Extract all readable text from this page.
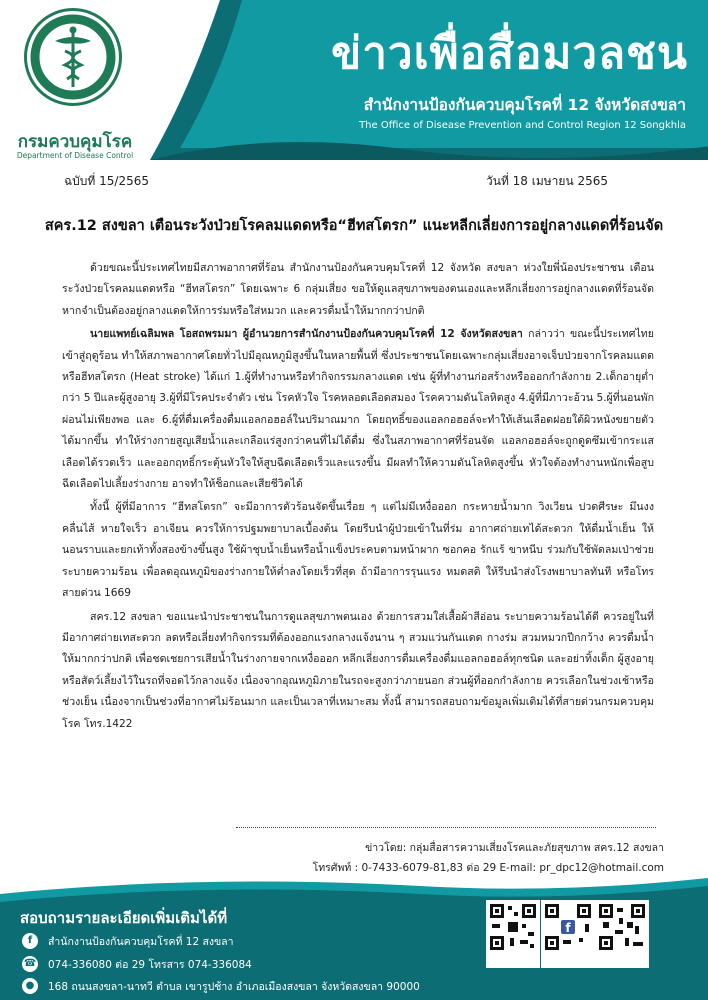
กรมควบคุมโรค
Department of Disease Control
ข่าวเพื่อสื่อมวลชน
สำนักงานป้องกันควบคุมโรคที่ 12 จังหวัดสงขลา
The Office of Disease Prevention and Control Region 12 Songkhla
ฉบับที่ 15/2565	วันที่ 18 เมษายน 2565
สคร.12 สงขลา เตือนระวังป่วยโรคลมแดดหรือ“ฮีทสโตรก” แนะหลีกเลี่ยงการอยู่กลางแดดที่ร้อนจัด

ด้วยขณะนี้ประเทศไทยมีสภาพอากาศที่ร้อน สำนักงานป้องกันควบคุมโรคที่ 12 จังหวัด สงขลา ห่วงใยพี่น้องประชาชน เตือนระวังป่วยโรคลมแดดหรือ “ฮีทสโตรก” โดยเฉพาะ 6 กลุ่มเสี่ยง ขอให้ดูแลสุขภาพของตนเองและหลีกเลี่ยงการอยู่กลางแดดที่ร้อนจัด หากจำเป็นต้องอยู่กลางแดดให้การร่มหรือใส่หมวก และควรดื่มน้ำให้มากกว่าปกติ

นายแพทย์เฉลิมพล โอสถพรมมา ผู้อำนวยการสำนักงานป้องกันควบคุมโรคที่ 12 จังหวัดสงขลา กล่าวว่า ขณะนี้ประเทศไทยเข้าสู่ฤดูร้อน ทำให้สภาพอากาศโดยทั่วไปมีอุณหภูมิสูงขึ้นในหลายพื้นที่ ซึ่งประชาชนโดยเฉพาะกลุ่มเสี่ยงอาจเจ็บป่วยจากโรคลมแดด หรือฮีทสโตรก (Heat stroke) ได้แก่ 1.ผู้ที่ทำงานหรือทำกิจกรรมกลางแดด เช่น ผู้ที่ทำงานก่อสร้างหรือออกกำลังกาย 2.เด็กอายุต่ำกว่า 5 ปีและผู้สูงอายุ 3.ผู้ที่มีโรคประจำตัว เช่น โรคหัวใจ โรคหลอดเลือดสมอง โรคความดันโลหิตสูง 4.ผู้ที่มีภาวะอ้วน 5.ผู้ที่นอนพักผ่อนไม่เพียงพอ และ 6.ผู้ที่ดื่มเครื่องดื่มแอลกอฮอล์ในปริมาณมาก โดยฤทธิ์ของแอลกอฮอล์จะทำให้เส้นเลือดฝอยใต้ผิวหนังขยายตัวได้มากขึ้น ทำให้ร่างกายสูญเสียน้ำและเกลือแร่สูงกว่าคนที่ไม่ได้ดื่ม ซึ่งในสภาพอากาศที่ร้อนจัด แอลกอฮอล์จะถูกดูดซึมเข้ากระแสเลือดได้รวดเร็ว และออกฤทธิ์กระตุ้นหัวใจให้สูบฉีดเลือดเร็วและแรงขึ้น มีผลทำให้ความดันโลหิตสูงขึ้น หัวใจต้องทำงานหนักเพื่อสูบฉีดเลือดไปเลี้ยงร่างกาย อาจทำให้ช็อกและเสียชีวิตได้

ทั้งนี้ ผู้ที่มีอาการ “ฮีทสโตรก” จะมีอาการตัวร้อนจัดขึ้นเรื่อย ๆ แต่ไม่มีเหงื่อออก กระหายน้ำมาก วิงเวียน ปวดศีรษะ มึนงง คลื่นไส้ หายใจเร็ว อาเจียน ควรให้การปฐมพยาบาลเบื้องต้น โดยรีบนำผู้ป่วยเข้าในที่ร่ม อากาศถ่ายเทได้สะดวก ให้ดื่มน้ำเย็น ให้นอนราบและยกเท้าทั้งสองข้างขึ้นสูง ใช้ผ้าชุบน้ำเย็นหรือน้ำแข็งประคบตามหน้าผาก ซอกคอ รักแร้ ขาหนีบ ร่วมกับใช้พัดลมเป่าช่วยระบายความร้อน เพื่อลดอุณหภูมิของร่างกายให้ต่ำลงโดยเร็วที่สุด ถ้ามีอาการรุนแรง หมดสติ ให้รีบนำส่งโรงพยาบาลทันที หรือโทรสายด่วน 1669

สคร.12 สงขลา ขอแนะนำประชาชนในการดูแลสุขภาพตนเอง ด้วยการสวมใส่เสื้อผ้าสีอ่อน ระบายความร้อนได้ดี ควรอยู่ในที่มีอากาศถ่ายเทสะดวก ลดหรือเลี่ยงทำกิจกรรมที่ต้องออกแรงกลางแจ้งนาน ๆ สวมแว่นกันแดด กางร่ม สวมหมวกปีกกว้าง ควรดื่มน้ำให้มากกว่าปกติ เพื่อชดเชยการเสียน้ำในร่างกายจากเหงื่อออก หลีกเลี่ยงการดื่มเครื่องดื่มแอลกอฮอล์ทุกชนิด และอย่าทิ้งเด็ก ผู้สูงอายุ หรือสัตว์เลี้ยงไว้ในรถที่จอดไว้กลางแจ้ง เนื่องจากอุณหภูมิภายในรถจะสูงกว่าภายนอก ส่วนผู้ที่ออกกำลังกาย ควรเลือกในช่วงเช้าหรือช่วงเย็น เนื่องจากเป็นช่วงที่อากาศไม่ร้อนมาก และเป็นเวลาที่เหมาะสม ทั้งนี้ สามารถสอบถามข้อมูลเพิ่มเติมได้ที่สายด่วนกรมควบคุมโรค โทร.1422

ข่าวโดย: กลุ่มสื่อสารความเสี่ยงโรคและภัยสุขภาพ สคร.12 สงขลา
โทรศัพท์ : 0-7433-6079-81,83 ต่อ 29 E-mail: pr_dpc12@hotmail.com
สอบถามรายละเอียดเพิ่มเติมได้ที่
f	สำนักงานป้องกันควบคุมโรคที่ 12 สงขลา
☎ 074-336080 ต่อ 29 โทรสาร 074-336084
●	168 ถนนสงขลา-นาทวี ตำบล เขารูปช้าง อำเภอเมืองสงขลา จังหวัดสงขลา 90000
f
